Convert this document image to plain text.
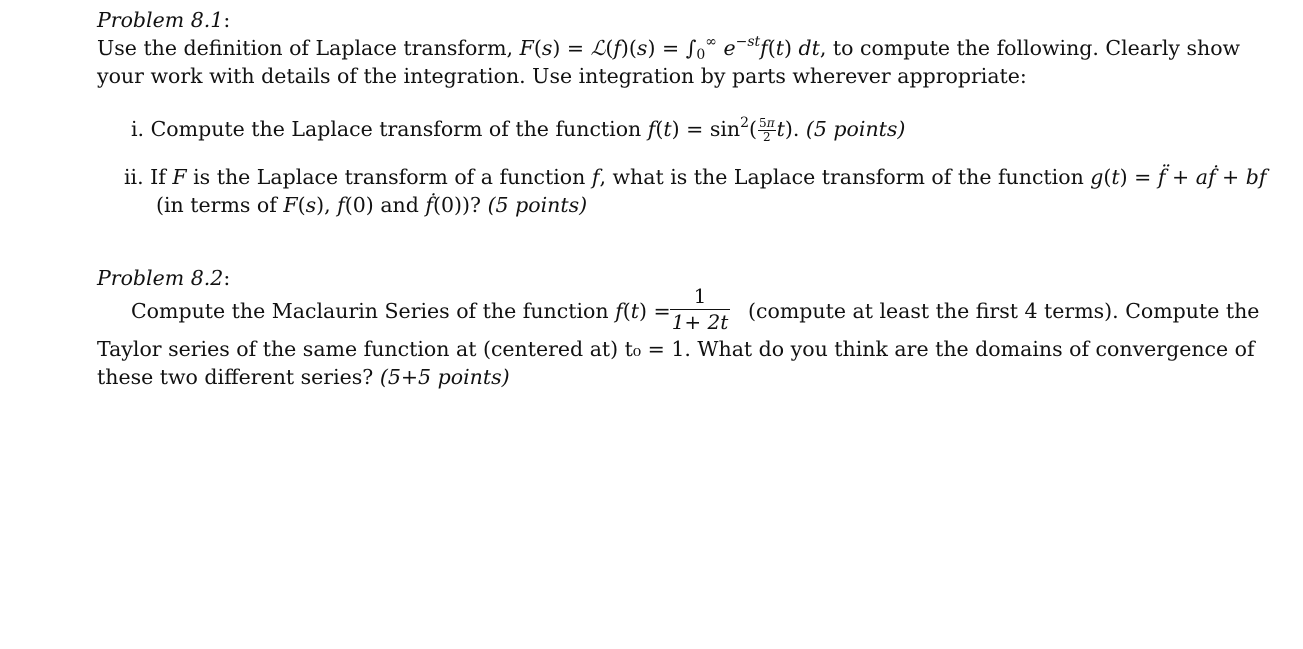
Problem 8.1:
Use the definition of Laplace transform, F(s) = ℒ(f)(s) = ∫0∞ $e^{-st}f(t)$ dt, to compute the following. Clearly show
your work with details of the integration. Use integration by parts wherever appropriate:
i. Compute the Laplace transform of the function $f(t) = \sin^2( \frac{5\pi}{2} t)$. (5 points)
ii. If F is the Laplace transform of a function f, what is the Laplace transform of the function g(t) = f̈ + aḟ + bf
(in terms of F(s), f(0) and ḟ(0))? (5 points)
Problem 8.2:
Compute the Maclaurin Series of the function f(t) =
1
1+ 2t (compute at least the first 4 terms). Compute the
Taylor series of the same function at (centered at) t₀ = 1. What do you think are the domains of convergence of
these two different series? (5+5 points)
